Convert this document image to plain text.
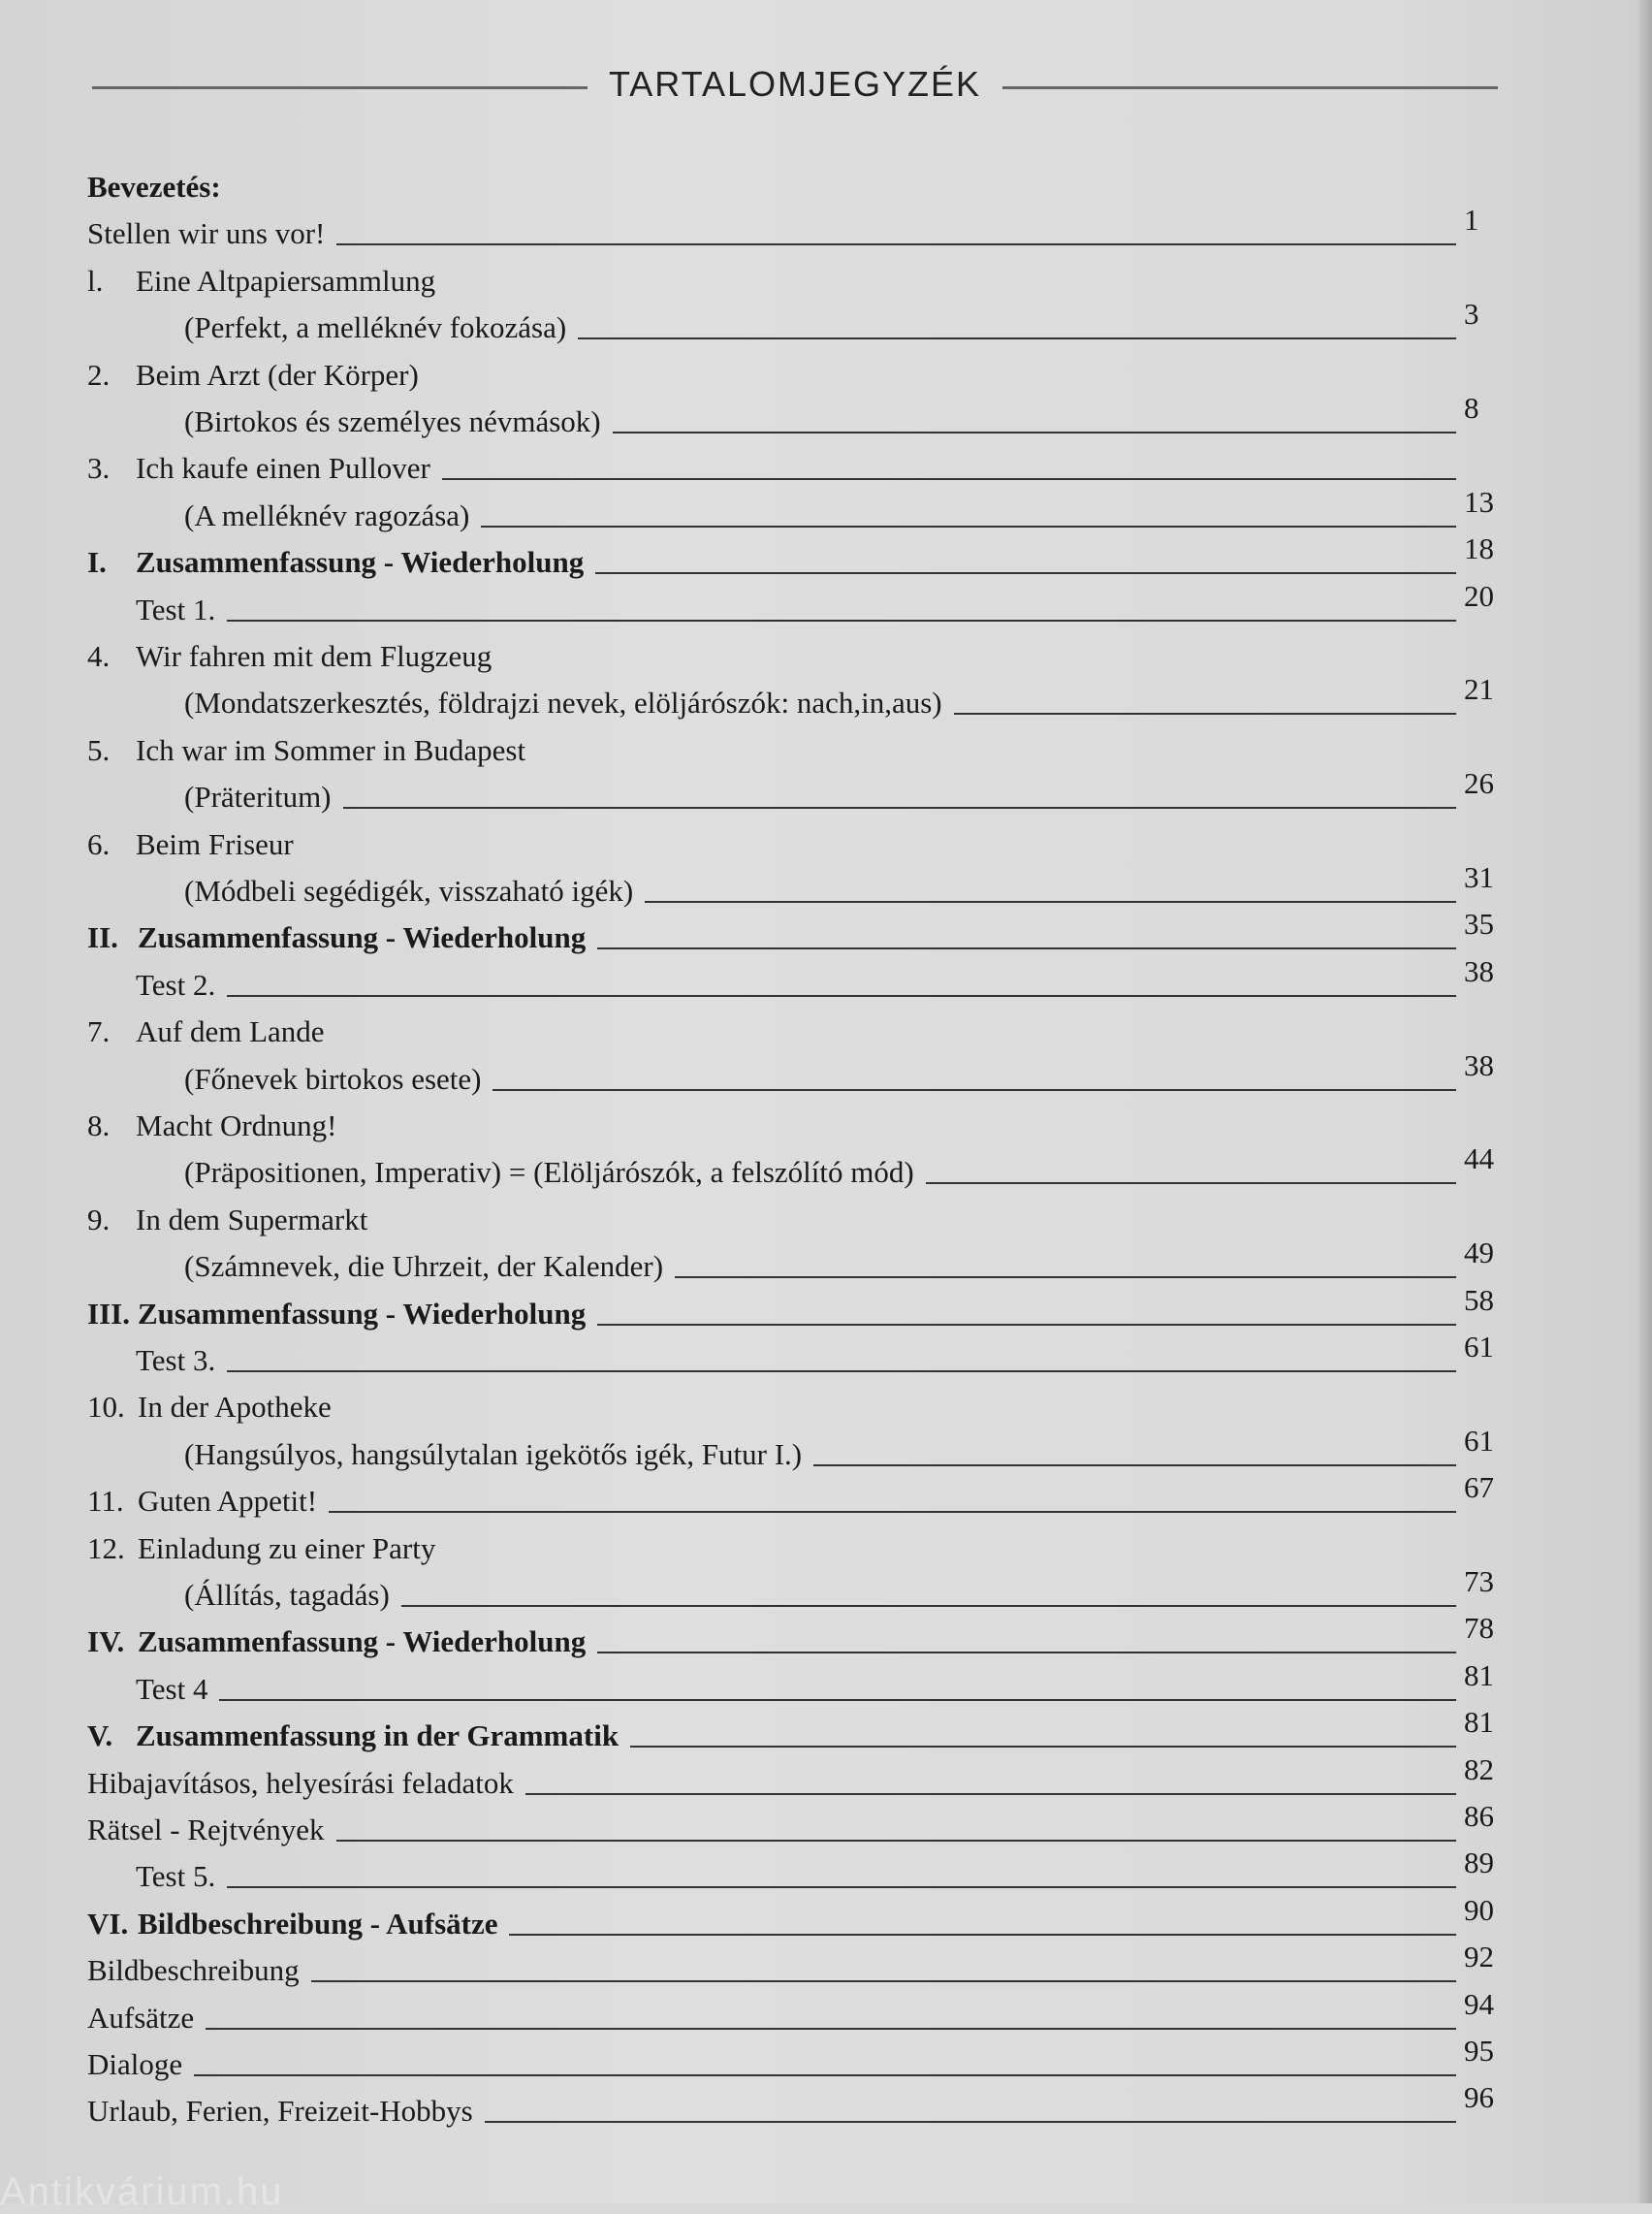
TARTALOMJEGYZÉK
Bevezetés:
Stellen wir uns vor!	1
l.	Eine Altpapiersammlung
(Perfekt, a melléknév fokozása)	3
2. Beim Arzt (der Körper)
(Birtokos és személyes névmások)	8
3. Ich kaufe einen Pullover
(A melléknév ragozása)	13
I. Zusammenfassung - Wiederholung	18
Test 1.	20
4. Wir fahren mit dem Flugzeug
(Mondatszerkesztés, földrajzi nevek, elöljárószók: nach,in,aus)	21
5. Ich war im Sommer in Budapest
(Präteritum)	26
6. Beim Friseur
(Módbeli segédigék, visszaható igék)	31
II. Zusammenfassung - Wiederholung	35
Test 2.	38
7. Auf dem Lande
(Főnevek birtokos esete)	38
8. Macht Ordnung!
(Präpositionen, Imperativ) = (Elöljárószók, a felszólító mód)	44
9. In dem Supermarkt
(Számnevek, die Uhrzeit, der Kalender)	49
III. Zusammenfassung - Wiederholung	58
Test 3.	61
10. In der Apotheke
(Hangsúlyos, hangsúlytalan igekötős igék, Futur I.)	61
11. Guten Appetit!	67
12. Einladung zu einer Party
(Állítás, tagadás)	73
IV. Zusammenfassung - Wiederholung	78
Test 4	81
V. Zusammenfassung in der Grammatik	81
Hibajavításos, helyesírási feladatok	82
Rätsel - Rejtvények	86
Test 5.	89
VI. Bildbeschreibung - Aufsätze	90
Bildbeschreibung	92
Aufsätze	94
Dialoge	95
Urlaub, Ferien, Freizeit-Hobbys	96
Antikvárium.hu
